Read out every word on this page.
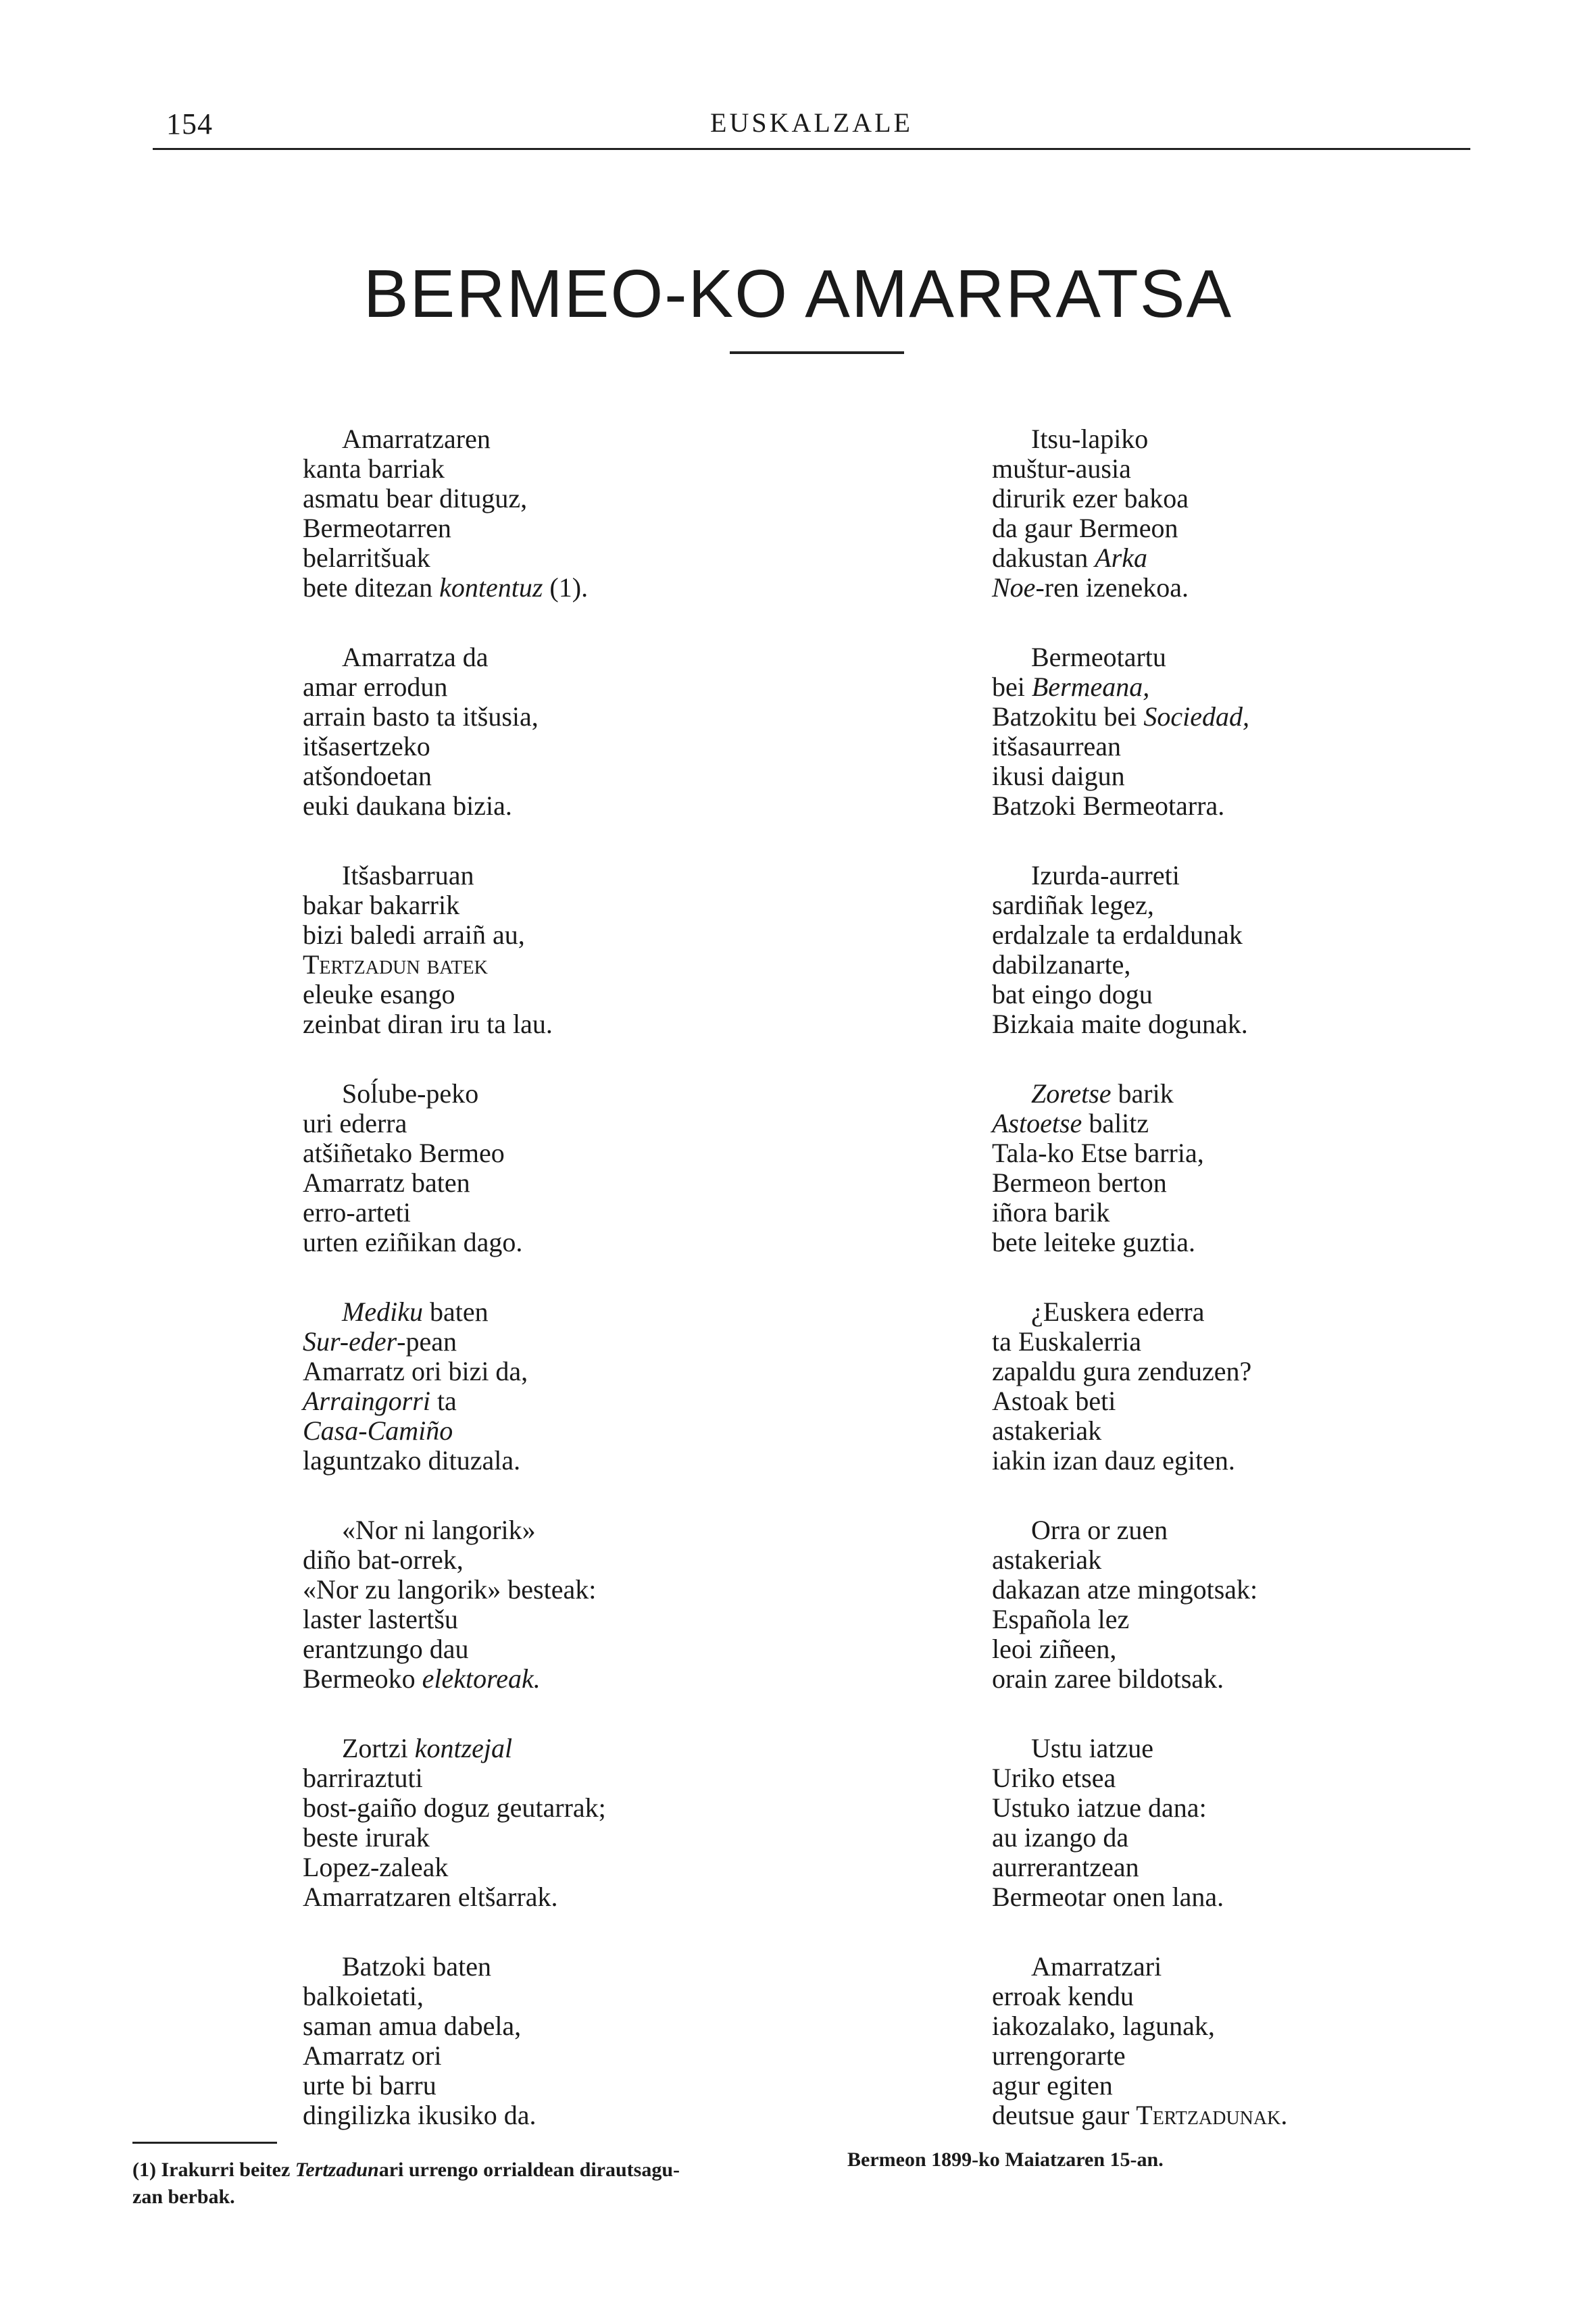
154	EUSKALZALE
BERMEO-KO AMARRATSA
Amarratzaren
kanta barriak
asmatu bear dituguz,
Bermeotarren
belarritšuak
bete ditezan kontentuz (1).
Amarratza da
amar errodun
arrain basto ta itšusia,
itšasertzeko
atšondoetan
euki daukana bizia.
Itšasbarruan
bakar bakarrik
bizi baledi arraiñ au,
Tertzadun batek
eleuke esango
zeinbat diran iru ta lau.
Soĺube-peko
uri ederra
atšiñetako Bermeo
Amarratz baten
erro-arteti
urten eziñikan dago.
Mediku baten
Sur-eder-pean
Amarratz ori bizi da,
Arraingorri ta
Casa-Camiño
laguntzako dituzala.
«Nor ni langorik»
diño bat-orrek,
«Nor zu langorik» besteak:
laster lastertšu
erantzungo dau
Bermeoko elektoreak.
Zortzi kontzejal
barriraztuti
bost-gaiño doguz geutarrak;
beste irurak
Lopez-zaleak
Amarratzaren eltšarrak.
Batzoki baten
balkoietati,
saman amua dabela,
Amarratz ori
urte bi barru
dingilizka ikusiko da.
Itsu-lapiko
muštur-ausia
dirurik ezer bakoa
da gaur Bermeon
dakustan Arka
Noe-ren izenekoa.
Bermeotartu
bei Bermeana,
Batzokitu bei Sociedad,
itšasaurrean
ikusi daigun
Batzoki Bermeotarra.
Izurda-aurreti
sardiñak legez,
erdalzale ta erdaldunak
dabilzanarte,
bat eingo dogu
Bizkaia maite dogunak.
Zoretse barik
Astoetse balitz
Tala-ko Etse barria,
Bermeon berton
iñora barik
bete leiteke guztia.
¿Euskera ederra
ta Euskalerria
zapaldu gura zenduzen?
Astoak beti
astakeriak
iakin izan dauz egiten.
Orra or zuen
astakeriak
dakazan atze mingotsak:
Española lez
leoi ziñeen,
orain zaree bildotsak.
Ustu iatzue
Uriko etsea
Ustuko iatzue dana:
au izango da
aurrerantzean
Bermeotar onen lana.
Amarratzari
erroak kendu
iakozalako, lagunak,
urrengorarte
agur egiten
deutsue gaur Tertzadunak.
(1) Irakurri beitez Tertzadunari urrengo orrialdean dirautsagu-
zan berbak.
Bermeon 1899-ko Maiatzaren 15-an.
